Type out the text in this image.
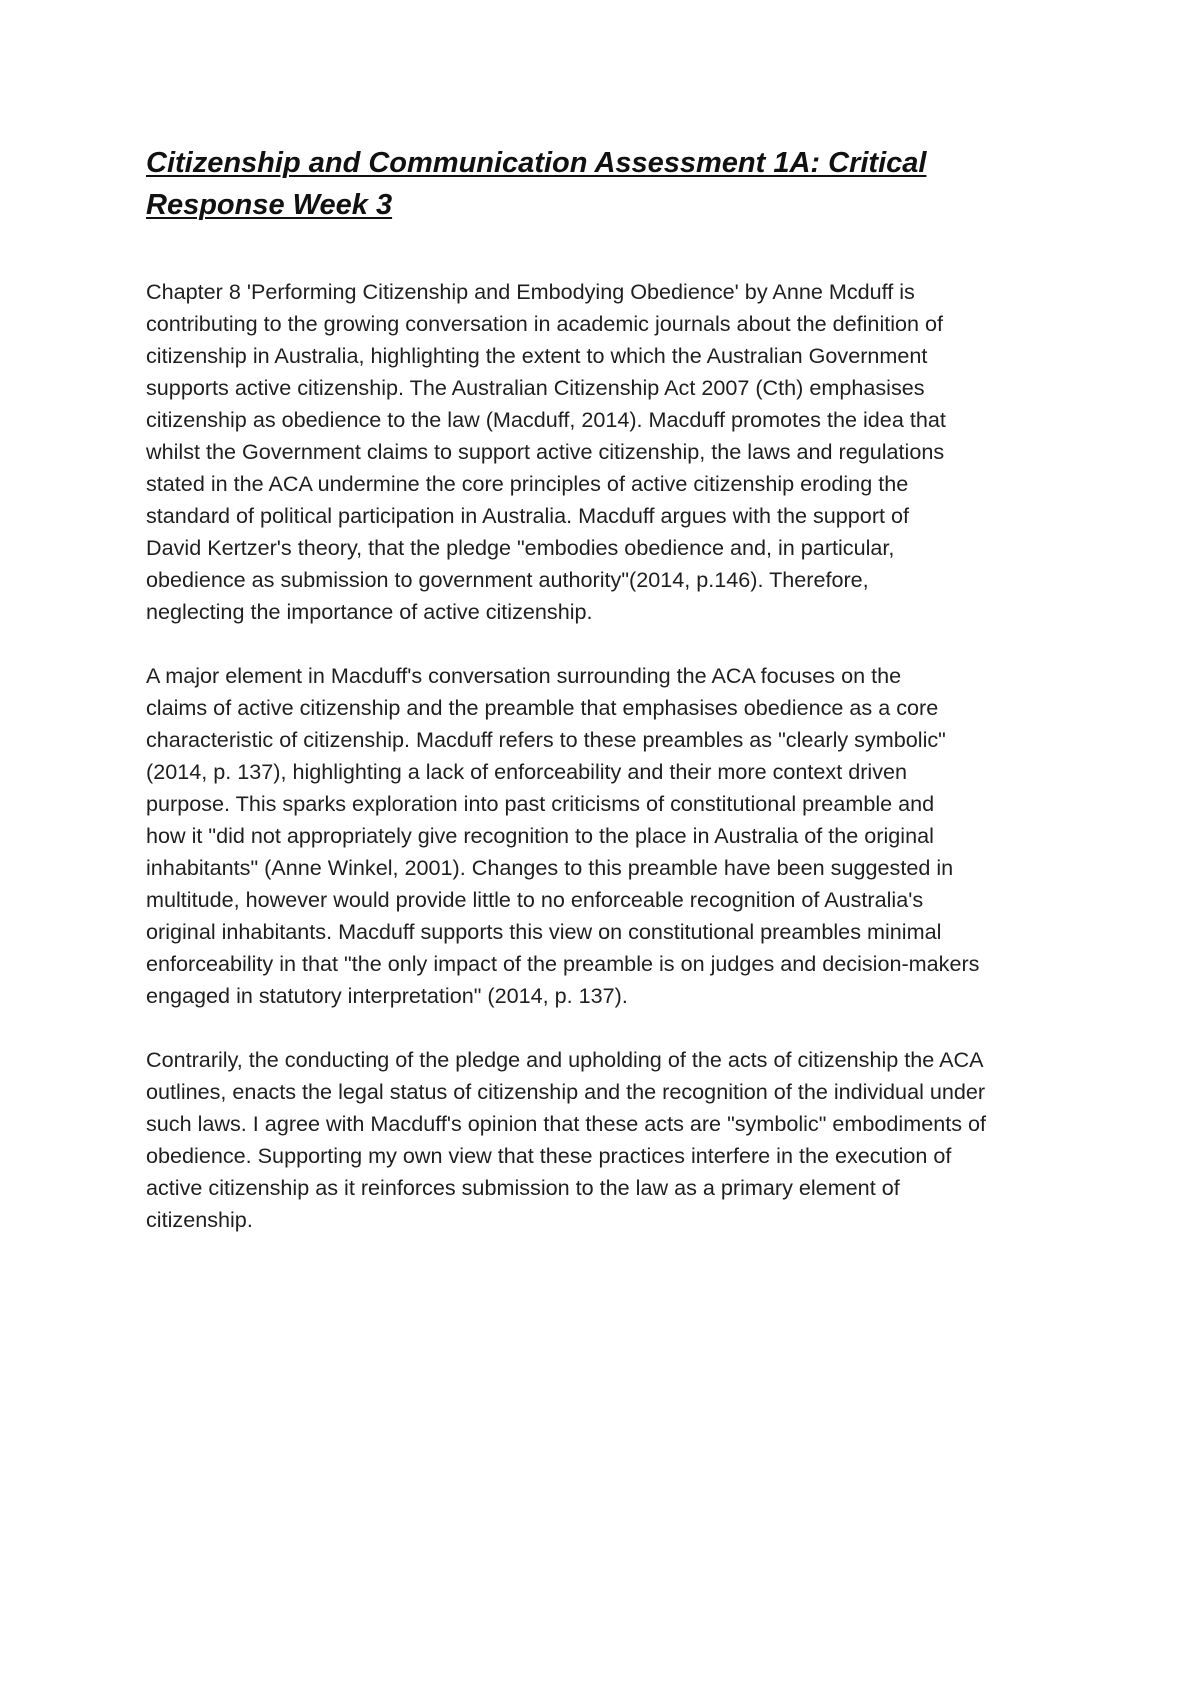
Citizenship and Communication Assessment 1A: Critical
Response Week 3

Chapter 8 'Performing Citizenship and Embodying Obedience' by Anne Mcduff is
contributing to the growing conversation in academic journals about the definition of
citizenship in Australia, highlighting the extent to which the Australian Government
supports active citizenship. The Australian Citizenship Act 2007 (Cth) emphasises
citizenship as obedience to the law (Macduff, 2014). Macduff promotes the idea that
whilst the Government claims to support active citizenship, the laws and regulations
stated in the ACA undermine the core principles of active citizenship eroding the
standard of political participation in Australia. Macduff argues with the support of
David Kertzer's theory, that the pledge "embodies obedience and, in particular,
obedience as submission to government authority"(2014, p.146). Therefore,
neglecting the importance of active citizenship.

A major element in Macduff's conversation surrounding the ACA focuses on the
claims of active citizenship and the preamble that emphasises obedience as a core
characteristic of citizenship. Macduff refers to these preambles as "clearly symbolic"
(2014, p. 137), highlighting a lack of enforceability and their more context driven
purpose. This sparks exploration into past criticisms of constitutional preamble and
how it "did not appropriately give recognition to the place in Australia of the original
inhabitants" (Anne Winkel, 2001). Changes to this preamble have been suggested in
multitude, however would provide little to no enforceable recognition of Australia's
original inhabitants. Macduff supports this view on constitutional preambles minimal
enforceability in that "the only impact of the preamble is on judges and decision-makers
engaged in statutory interpretation" (2014, p. 137).

Contrarily, the conducting of the pledge and upholding of the acts of citizenship the ACA
outlines, enacts the legal status of citizenship and the recognition of the individual under
such laws. I agree with Macduff's opinion that these acts are "symbolic" embodiments of
obedience. Supporting my own view that these practices interfere in the execution of
active citizenship as it reinforces submission to the law as a primary element of
citizenship.
